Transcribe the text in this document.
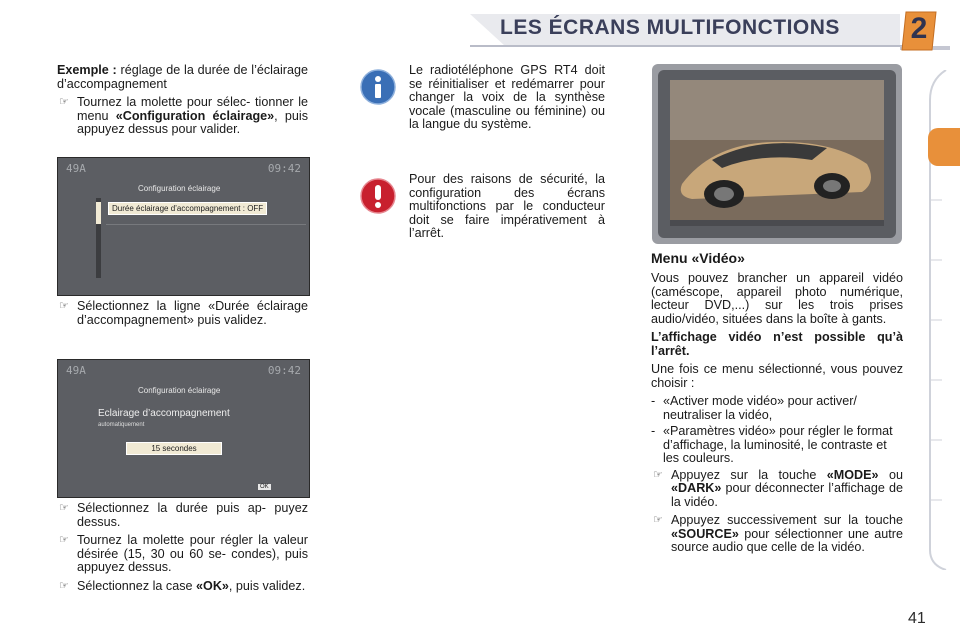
LES ÉCRANS MULTIFONCTIONS	2

Exemple : réglage de la durée de l’éclairage d’accompagnement

☞ Tournez la molette pour sélec- tionner le menu «Configuration éclairage», puis appuyez dessus pour valider.
49A	09:42
Configuration éclairage
Durée éclairage d’accompagnement : OFF
☞ Sélectionnez la ligne «Durée éclairage d’accompagnement» puis validez.
49A	09:42
Configuration éclairage
Eclairage d’accompagnement
automatiquement
15 secondes
OK
☞ Sélectionnez la durée puis ap- puyez dessus.
☞ Tournez la molette pour régler la valeur désirée (15, 30 ou 60 se- condes), puis appuyez dessus.
☞ Sélectionnez la case «OK», puis validez.

Le radiotéléphone GPS RT4 doit se réinitialiser et redémarrer pour changer la voix de la synthèse vocale (masculine ou féminine) ou la langue du système.

Pour des raisons de sécurité, la configuration des écrans multifonctions par le conducteur doit se faire impérativement à l’arrêt.

Menu «Vidéo»

Vous pouvez brancher un appareil vidéo (caméscope, appareil photo numérique, lecteur DVD,...) sur les trois prises audio/vidéo, situées dans la boîte à gants.

L’affichage vidéo n’est possible qu’à l’arrêt.

Une fois ce menu sélectionné, vous pouvez choisir :

- «Activer mode vidéo» pour activer/ neutraliser la vidéo,
- «Paramètres vidéo» pour régler le format d’affichage, la luminosité, le contraste et les couleurs.
☞ Appuyez sur la touche «MODE» ou «DARK» pour déconnecter l’affichage de la vidéo.
☞ Appuyez successivement sur la touche «SOURCE» pour sélectionner une autre source audio que celle de la vidéo.
41
